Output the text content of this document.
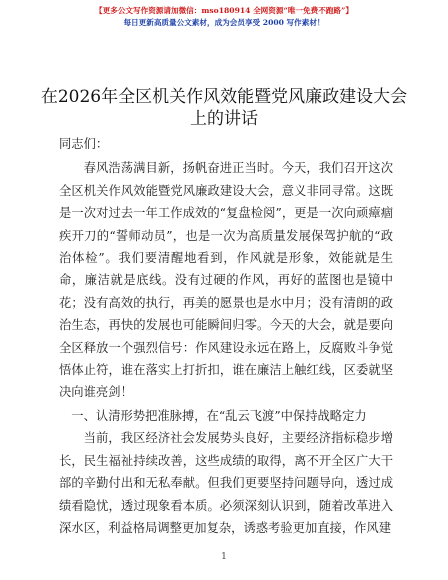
【更多公文写作资源请加微信：mso180914 全网资源“唯一免费不跑路”】
每日更新高质量公文素材，成为会员享受 2000 写作素材！
在2026年全区机关作风效能暨党风廉政建设大会上的讲话

同志们：

春风浩荡满目新，扬帆奋进正当时。今天，我们召开这次全区机关作风效能暨党风廉政建设大会，意义非同寻常。这既是一次对过去一年工作成效的“复盘检阅”，更是一次向顽瘴痼疾开刀的“誓师动员”，也是一次为高质量发展保驾护航的“政治体检”。我们要清醒地看到，作风就是形象，效能就是生命，廉洁就是底线。没有过硬的作风，再好的蓝图也是镜中花；没有高效的执行，再美的愿景也是水中月；没有清朗的政治生态，再快的发展也可能瞬间归零。今天的大会，就是要向全区释放一个强烈信号：作风建设永远在路上，反腐败斗争觉悟体止符，谁在落实上打折扣，谁在廉洁上触红线，区委就坚决向谁亮剑！

一、认清形势把准脉搏，在“乱云飞渡”中保持战略定力

当前，我区经济社会发展势头良好，主要经济指标稳步增长，民生福祉持续改善，这些成绩的取得，离不开全区广大干部的辛勤付出和无私奉献。但我们更要坚持问题导向，透过成绩看隐忧，透过现象看本质。必须深刻认识到，随着改革进入深水区，利益格局调整更加复杂，诱惑考验更加直接，作风建

1
